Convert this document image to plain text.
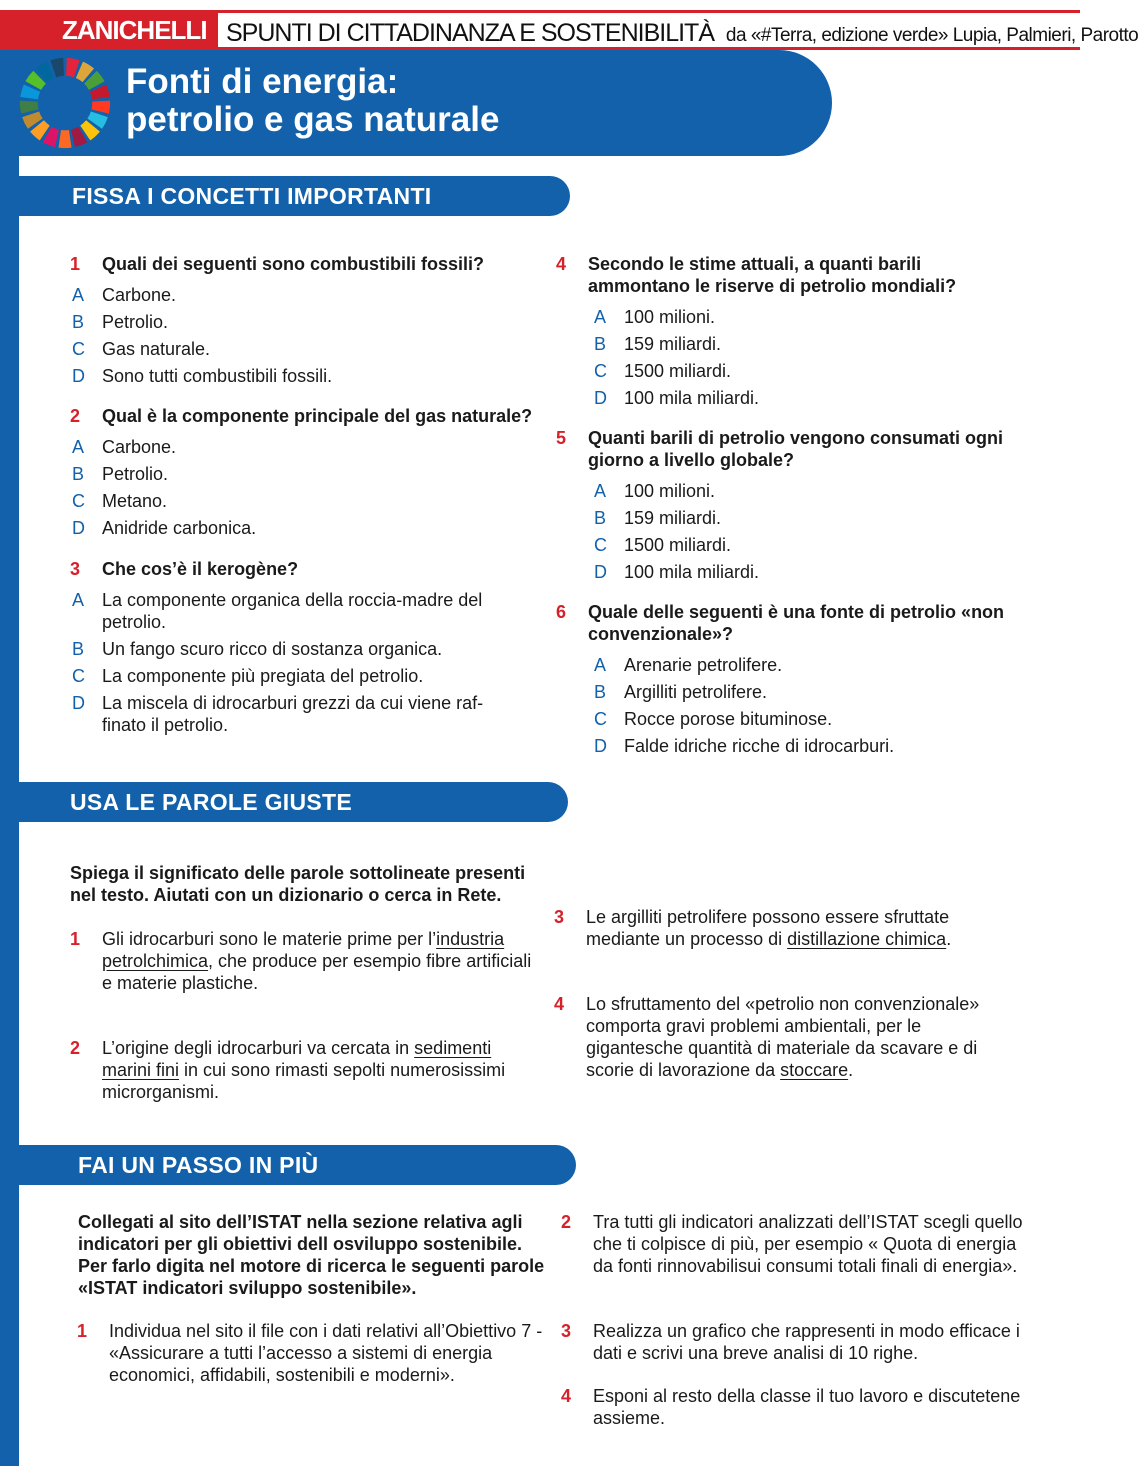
ZANICHELLI SPUNTI DI CITTADINANZA E SOSTENIBILITÀ da «#Terra, edizione verde» Lupia, Palmieri, Parotto
Fonti di energia:
petrolio e gas naturale
FISSA I CONCETTI IMPORTANTI
1 Quali dei seguenti sono combustibili fossili?
A Carbone.
B Petrolio.
C Gas naturale.
D Sono tutti combustibili fossili.
2 Qual è la componente principale del gas naturale?
A Carbone.
B Petrolio.
C Metano.
D Anidride carbonica.
3 Che cos’è il kerogène?
A La componente organica della roccia-madre del petrolio.
B Un fango scuro ricco di sostanza organica.
C La componente più pregiata del petrolio.
D La miscela di idrocarburi grezzi da cui viene raf-finato il petrolio.
4 Secondo le stime attuali, a quanti barili ammontano le riserve di petrolio mondiali?
A 100 milioni.
B 159 miliardi.
C 1500 miliardi.
D 100 mila miliardi.
5 Quanti barili di petrolio vengono consumati ogni giorno a livello globale?
A 100 milioni.
B 159 miliardi.
C 1500 miliardi.
D 100 mila miliardi.
6 Quale delle seguenti è una fonte di petrolio «non convenzionale»?
A Arenarie petrolifere.
B Argilliti petrolifere.
C Rocce porose bituminose.
D Falde idriche ricche di idrocarburi.
USA LE PAROLE GIUSTE
Spiega il significato delle parole sottolineate presenti nel testo. Aiutati con un dizionario o cerca in Rete.
1 Gli idrocarburi sono le materie prime per l’industria petrolchimica, che produce per esempio fibre artificiali e materie plastiche.
2 L’origine degli idrocarburi va cercata in sedimenti marini fini in cui sono rimasti sepolti numerosissimi microrganismi.
3 Le argilliti petrolifere possono essere sfruttate mediante un processo di distillazione chimica.
4 Lo sfruttamento del «petrolio non convenzionale» comporta gravi problemi ambientali, per le gigantesche quantità di materiale da scavare e di scorie di lavorazione da stoccare.
FAI UN PASSO IN PIÙ
Collegati al sito dell’ISTAT nella sezione relativa agli indicatori per gli obiettivi dell osviluppo sostenibile. Per farlo digita nel motore di ricerca le seguenti parole «ISTAT indicatori sviluppo sostenibile».
1 Individua nel sito il file con i dati relativi all’Obiettivo 7 - «Assicurare a tutti l’accesso a sistemi di energia economici, affidabili, sostenibili e moderni».
2 Tra tutti gli indicatori analizzati dell’ISTAT scegli quello che ti colpisce di più, per esempio « Quota di energia da fonti rinnovabilisui consumi totali finali di energia».
3 Realizza un grafico che rappresenti in modo efficace i dati e scrivi una breve analisi di 10 righe.
4 Esponi al resto della classe il tuo lavoro e discutetene assieme.
